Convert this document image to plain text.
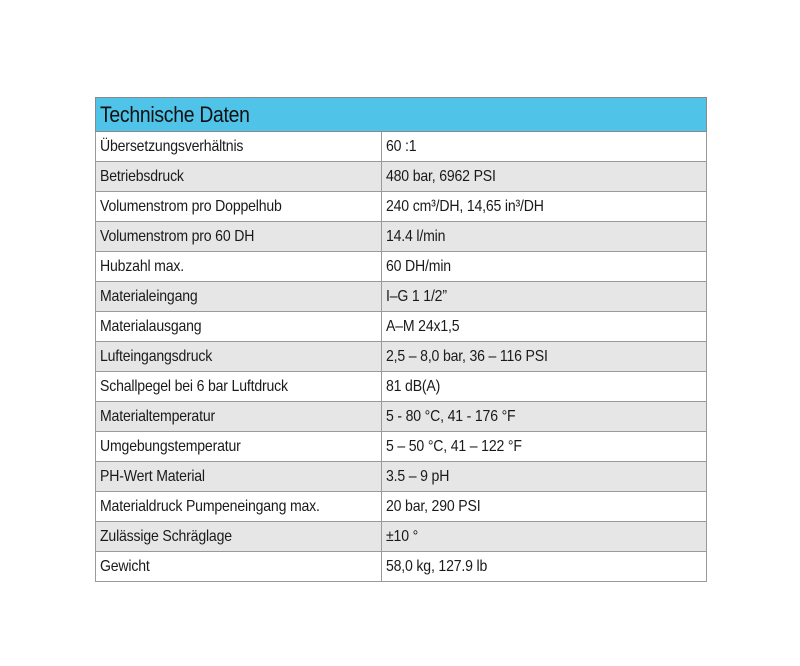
Technische Daten	
Übersetzungsverhältnis	60 :1
Betriebsdruck	480 bar, 6962 PSI
Volumenstrom pro Doppelhub	240 cm³/DH, 14,65 in³/DH
Volumenstrom pro 60 DH	14.4 l/min
Hubzahl max.	60 DH/min
Materialeingang	I–G 1 1/2”
Materialausgang	A–M 24x1,5
Lufteingangsdruck	2,5 – 8,0 bar, 36 – 116 PSI
Schallpegel bei 6 bar Luftdruck	81 dB(A)
Materialtemperatur	5 - 80 °C, 41 - 176 °F
Umgebungstemperatur	5 – 50 °C, 41 – 122 °F
PH-Wert Material	3.5 – 9 pH
Materialdruck Pumpeneingang max.	20 bar, 290 PSI
Zulässige Schräglage	±10 °
Gewicht	58,0 kg, 127.9 lb
